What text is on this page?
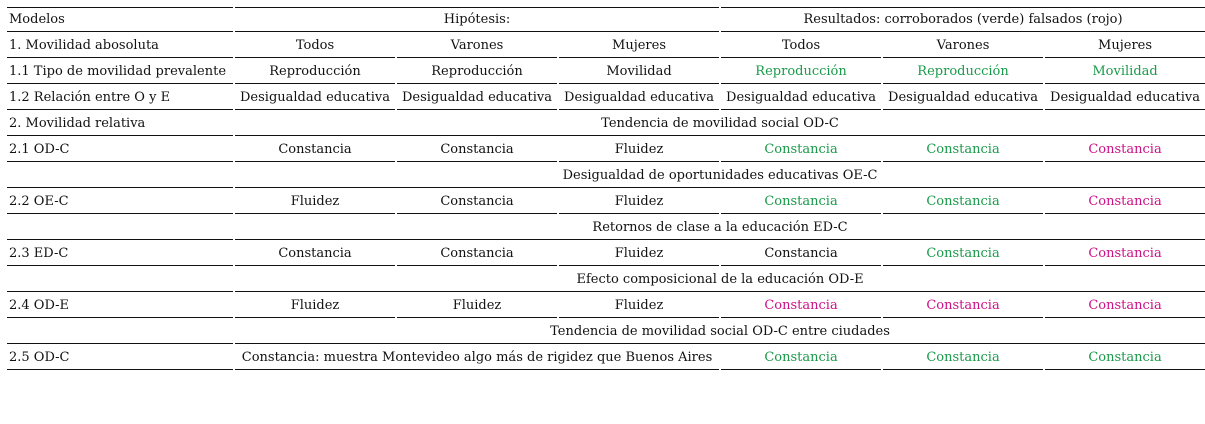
Modelos	Hipótesis:			Resultados: corroborados (verde) falsados (rojo)		
1. Movilidad abosoluta	Todos	Varones	Mujeres	Todos	Varones	Mujeres
1.1 Tipo de movilidad prevalente	Reproducción	Reproducción	Movilidad	Reproducción	Reproducción	Movilidad
1.2 Relación entre O y E	Desigualdad educativa	Desigualdad educativa	Desigualdad educativa	Desigualdad educativa	Desigualdad educativa	Desigualdad educativa
2. Movilidad relativa	Tendencia de movilidad social OD-C					
2.1 OD-C	Constancia	Constancia	Fluidez	Constancia	Constancia	Constancia
	Desigualdad de oportunidades educativas OE-C					
2.2 OE-C	Fluidez	Constancia	Fluidez	Constancia	Constancia	Constancia
	Retornos de clase a la educación ED-C					
2.3 ED-C	Constancia	Constancia	Fluidez	Constancia	Constancia	Constancia
	Efecto composicional de la educación OD-E					
2.4 OD-E	Fluidez	Fluidez	Fluidez	Constancia	Constancia	Constancia
	Tendencia de movilidad social OD-C entre ciudades					
2.5 OD-C	Constancia: muestra Montevideo algo más de rigidez que Buenos Aires			Constancia	Constancia	Constancia
